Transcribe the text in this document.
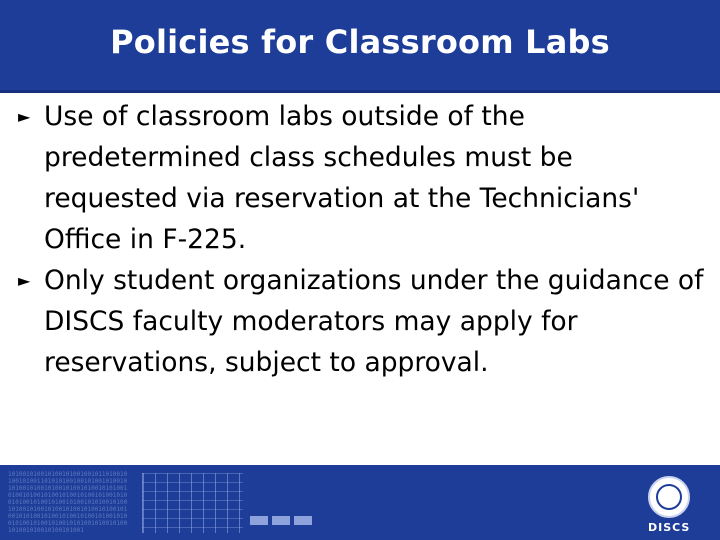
Policies for Classroom Labs
► Use of classroom labs outside of the predetermined class schedules must be requested via reservation at the Technicians' Office in F-225.
► Only student organizations under the guidance of DISCS faculty moderators may apply for reservations, subject to approval.
101001010010100101001001011010010100101001101010100100101001010010101001010010100101001010010101001010010100101001010010100101001010010100101001010010100101010010100101001010010100101001010010100101001010100101001010010100101001010010100101001010010101001010010100101001010010100101001	DISCS
